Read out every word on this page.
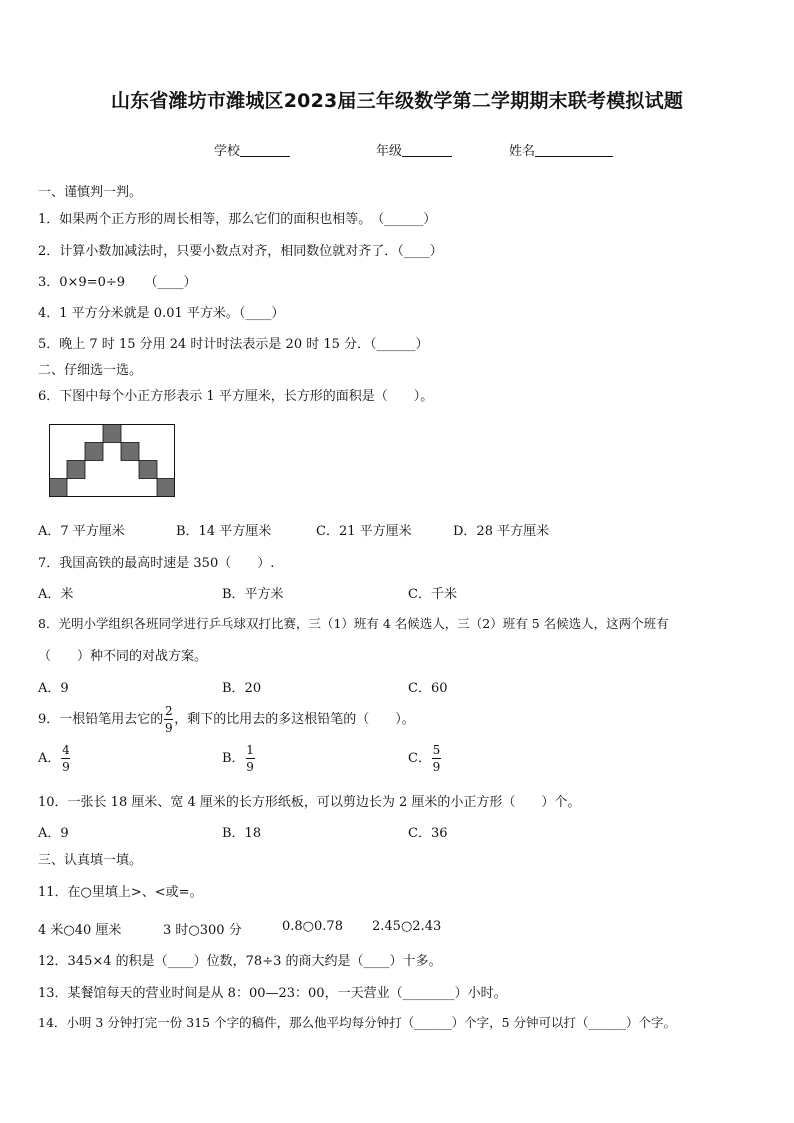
山东省潍坊市潍城区2023届三年级数学第二学期期末联考模拟试题
学校	年级	姓名
一、谨慎判一判。
1．如果两个正方形的周长相等，那么它们的面积也相等。　（______）
2．计算小数加减法时，只要小数点对齐，相同数位就对齐了．（____）
3．0×9=0÷9　　（____）
4．1 平方分米就是 0.01 平方米。（____）
5．晚上 7 时 15 分用 24 时计时法表示是 20 时 15 分．（______）
二、仔细选一选。
6．下图中每个小正方形表示 1 平方厘米，长方形的面积是（　　）。
A．7 平方厘米	B．14 平方厘米	C．21 平方厘米	D．28 平方厘米
7．我国高铁的最高时速是 350（　　）.
A．米	B．平方米	C．千米
8．光明小学组织各班同学进行乒乓球双打比赛，三（1）班有 4 名候选人，三（2）班有 5 名候选人，这两个班有
（　　）种不同的对战方案。
A．9	B．20	C．60
9．一根铅笔用去它的 $\frac{2}{9}$ ，剩下的比用去的多这根铅笔的（　　）。
A． $\frac{4}{9}$	B． $\frac{1}{9}$	C． $\frac{5}{9}$
10．一张长 18 厘米、宽 4 厘米的长方形纸板，可以剪边长为 2 厘米的小正方形（　　）个。
A．9	B．18	C．36
三、认真填一填。
11．在○里填上>、<或=。
4 米○40 厘米	3 时○300 分	0.8○0.78 2.45○2.43
12．345×4 的积是（____）位数，78÷3 的商大约是（____）十多。
13．某餐馆每天的营业时间是从 8：00—23：00，一天营业（________）小时。
14．小明 3 分钟打完一份 315 个字的稿件，那么他平均每分钟打（______）个字，5 分钟可以打（______）个字。
